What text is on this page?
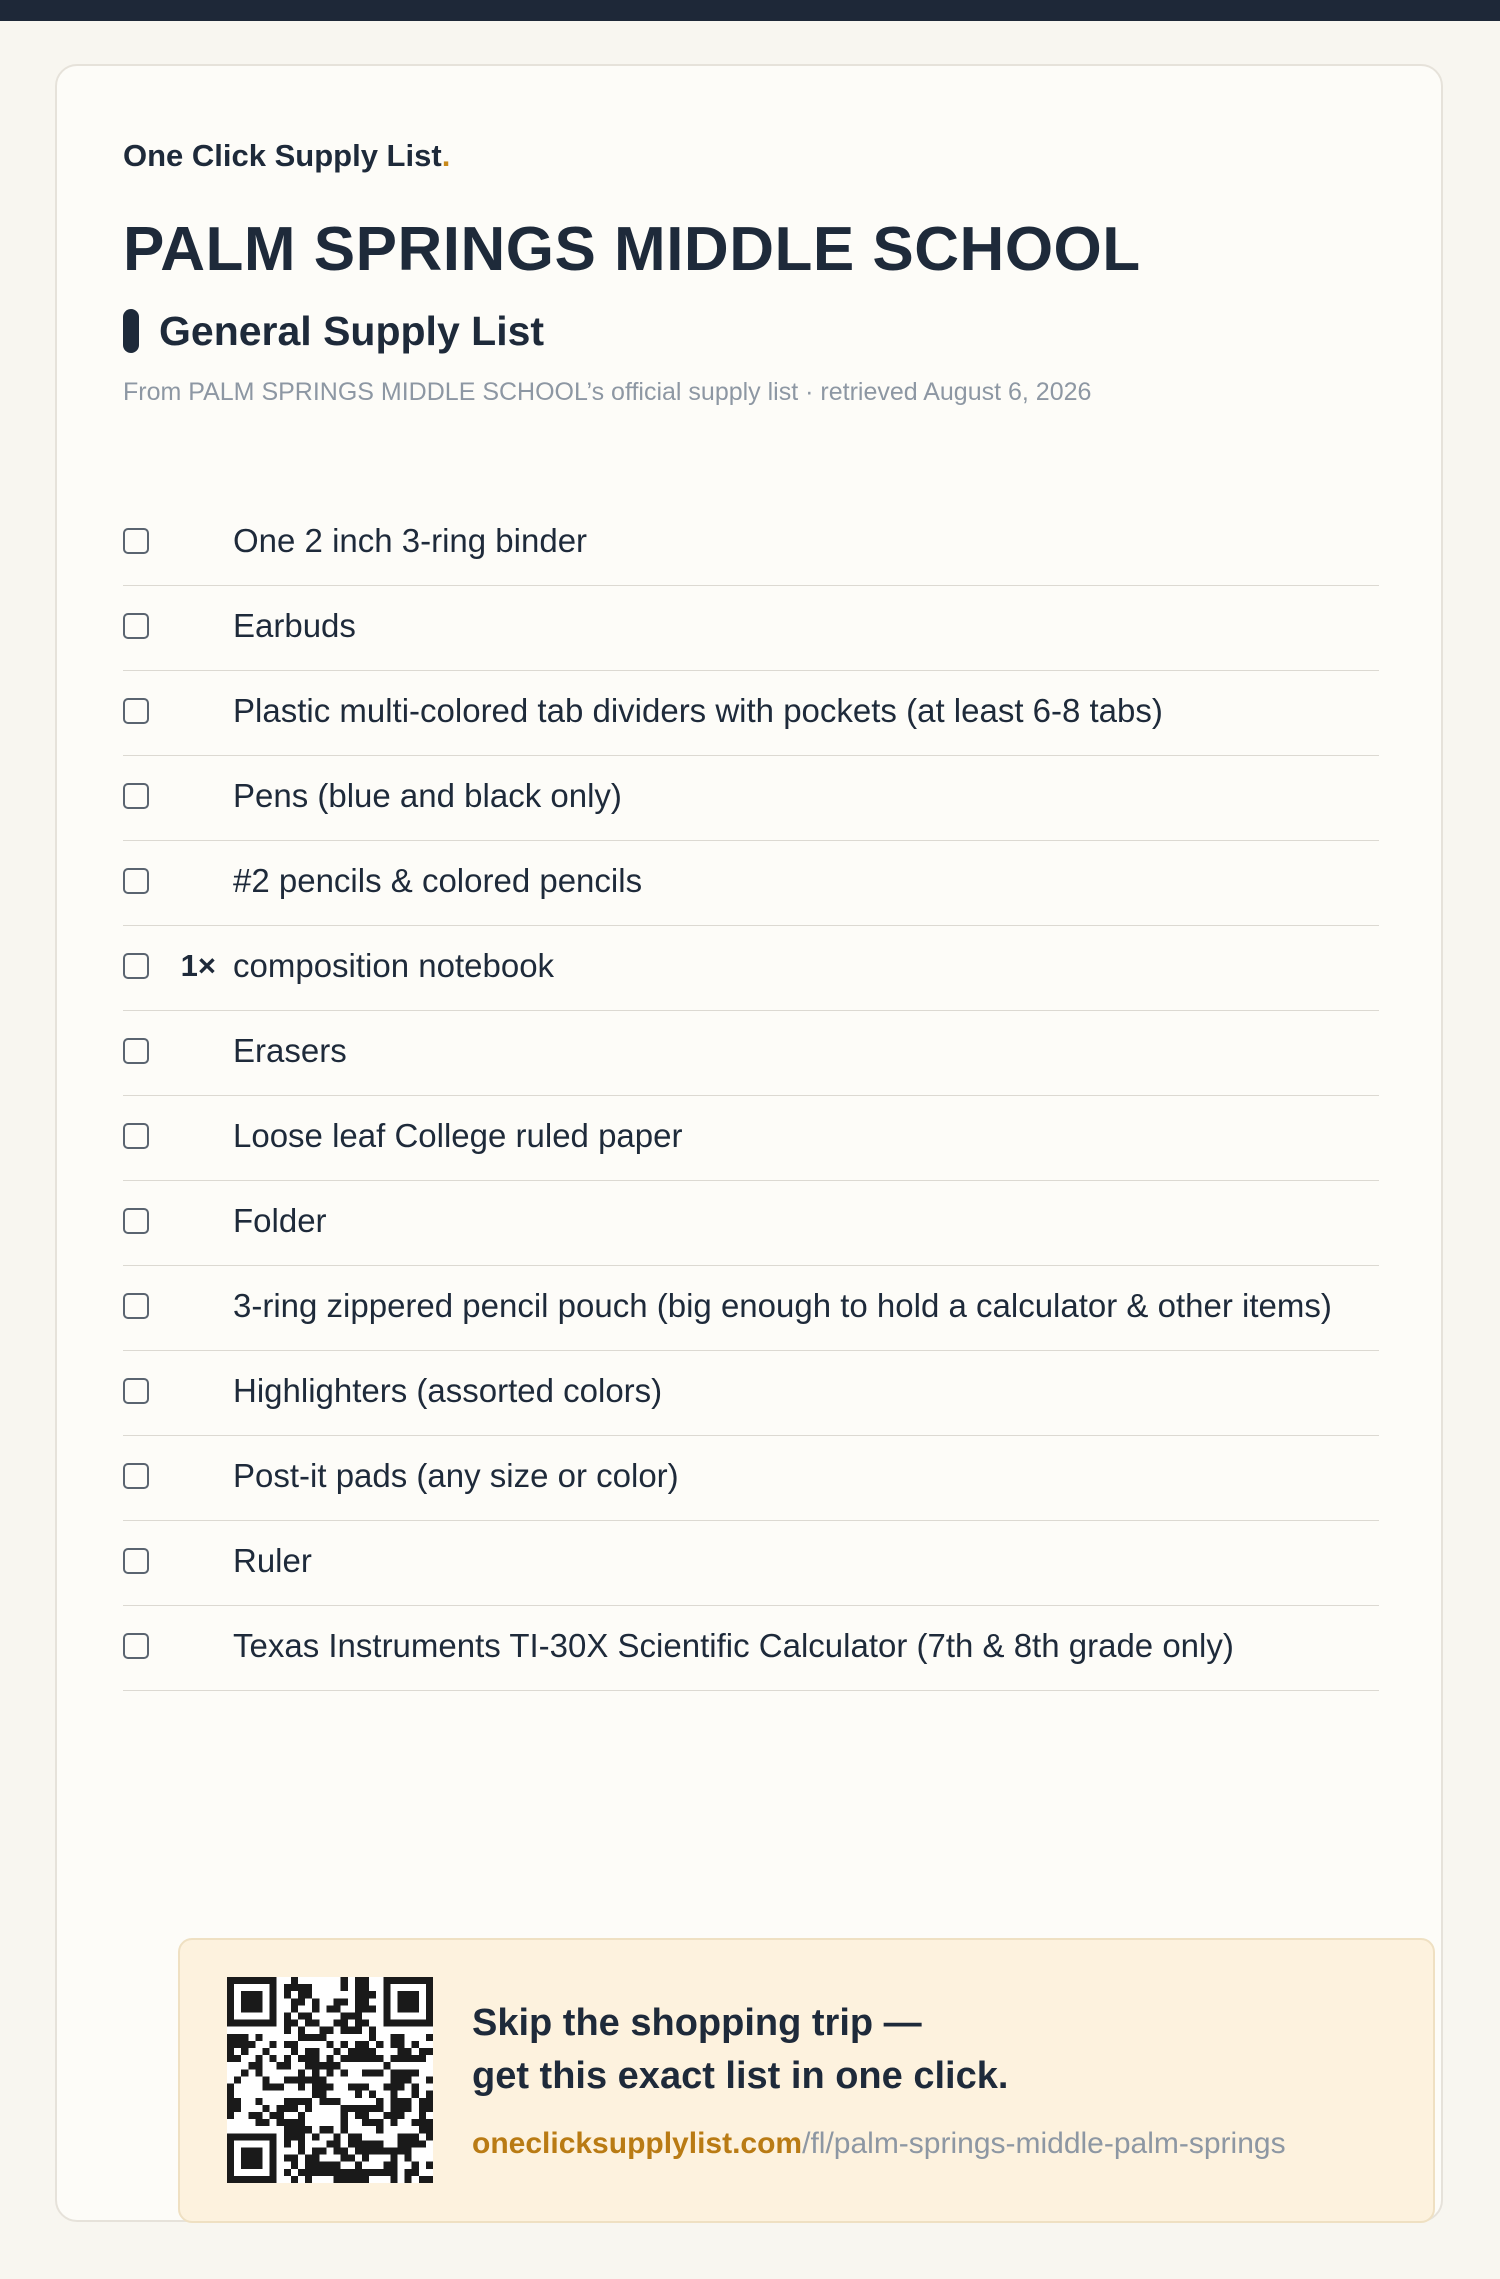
One Click Supply List.
PALM SPRINGS MIDDLE SCHOOL
General Supply List
From PALM SPRINGS MIDDLE SCHOOL’s official supply list · retrieved August 6, 2026
One 2 inch 3-ring binder
Earbuds
Plastic multi-colored tab dividers with pockets (at least 6-8 tabs)
Pens (blue and black only)
#2 pencils & colored pencils
1× composition notebook
Erasers
Loose leaf College ruled paper
Folder
3-ring zippered pencil pouch (big enough to hold a calculator & other items)
Highlighters (assorted colors)
Post-it pads (any size or color)
Ruler
Texas Instruments TI-30X Scientific Calculator (7th & 8th grade only)
Skip the shopping trip —
get this exact list in one click.
oneclicksupplylist.com/fl/palm-springs-middle-palm-springs
